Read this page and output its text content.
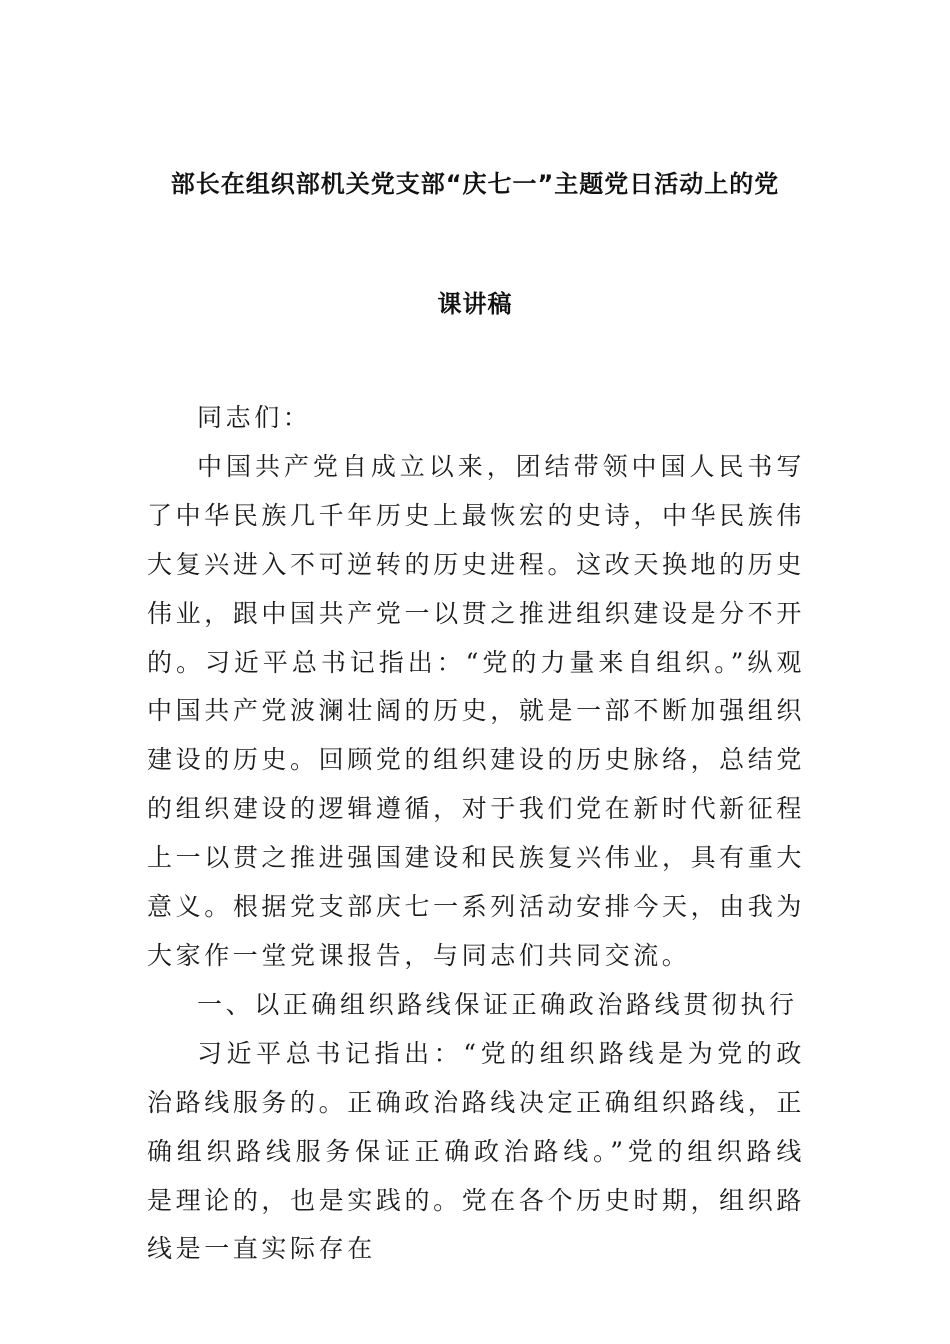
部长在组织部机关党支部“庆七一”主题党日活动上的党
课讲稿

同志们：

中国共产党自成立以来，团结带领中国人民书写了中华民族几千年历史上最恢宏的史诗，中华民族伟大复兴进入不可逆转的历史进程。这改天换地的历史伟业，跟中国共产党一以贯之推进组织建设是分不开的。习近平总书记指出：“党的力量来自组织。”纵观中国共产党波澜壮阔的历史，就是一部不断加强组织建设的历史。回顾党的组织建设的历史脉络，总结党的组织建设的逻辑遵循，对于我们党在新时代新征程上一以贯之推进强国建设和民族复兴伟业，具有重大意义。根据党支部庆七一系列活动安排今天，由我为大家作一堂党课报告，与同志们共同交流。

一、以正确组织路线保证正确政治路线贯彻执行

习近平总书记指出：“党的组织路线是为党的政治路线服务的。正确政治路线决定正确组织路线，正确组织路线服务保证正确政治路线。”党的组织路线是理论的，也是实践的。党在各个历史时期，组织路线是一直实际存在
